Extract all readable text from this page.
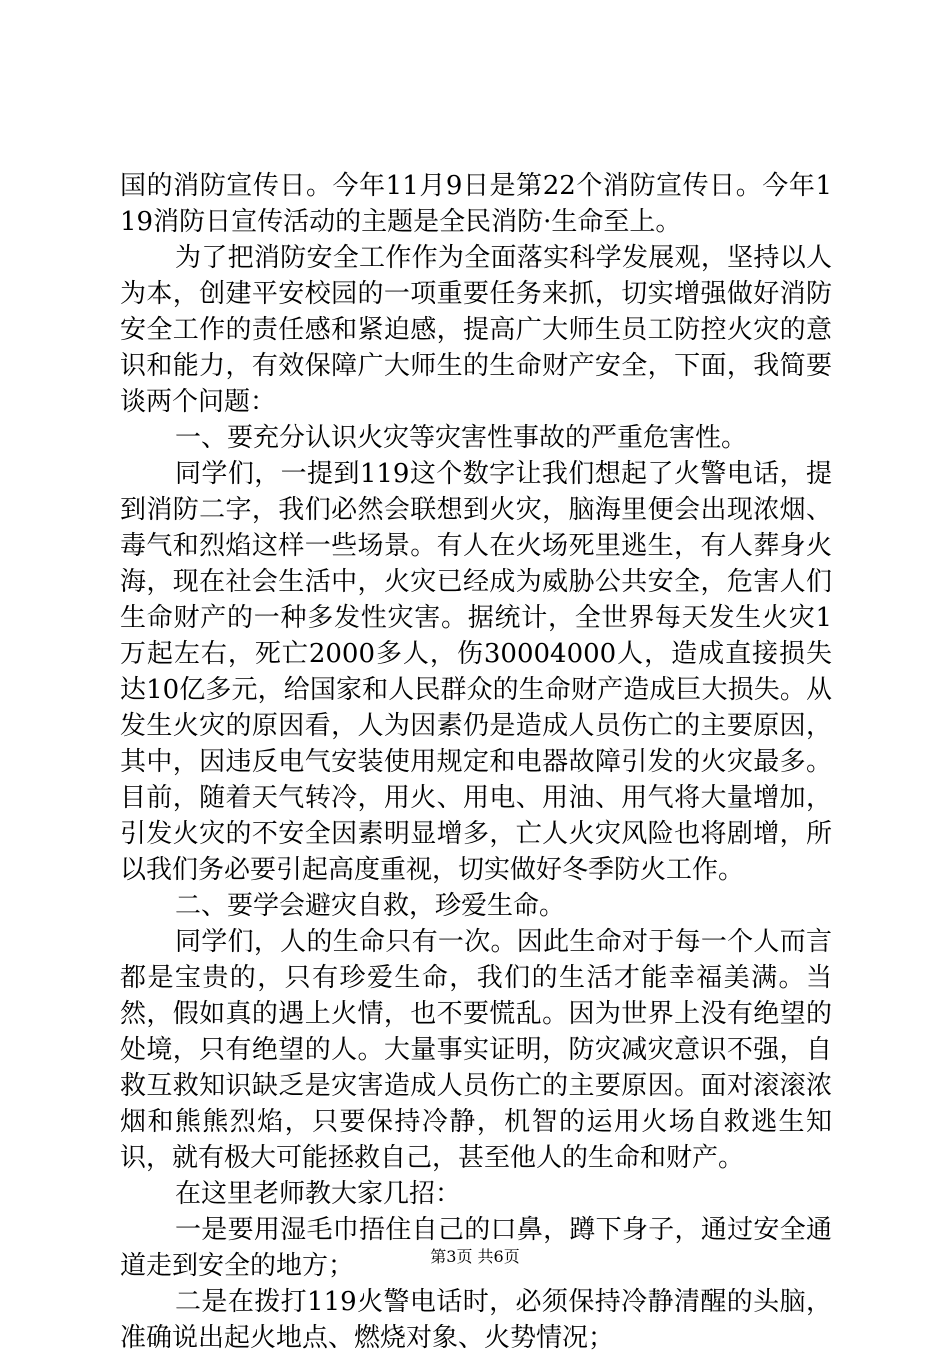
国的消防宣传日。今年11月9日是第22个消防宣传日。今年119消防日宣传活动的主题是全民消防·生命至上。

为了把消防安全工作作为全面落实科学发展观，坚持以人为本，创建平安校园的一项重要任务来抓，切实增强做好消防安全工作的责任感和紧迫感，提高广大师生员工防控火灾的意识和能力，有效保障广大师生的生命财产安全，下面，我简要谈两个问题：

一、要充分认识火灾等灾害性事故的严重危害性。

同学们，一提到119这个数字让我们想起了火警电话，提到消防二字，我们必然会联想到火灾，脑海里便会出现浓烟、毒气和烈焰这样一些场景。有人在火场死里逃生，有人葬身火海，现在社会生活中，火灾已经成为威胁公共安全，危害人们生命财产的一种多发性灾害。据统计，全世界每天发生火灾1万起左右，死亡2000多人，伤30004000人，造成直接损失达10亿多元，给国家和人民群众的生命财产造成巨大损失。从发生火灾的原因看，人为因素仍是造成人员伤亡的主要原因，其中，因违反电气安装使用规定和电器故障引发的火灾最多。目前，随着天气转冷，用火、用电、用油、用气将大量增加，引发火灾的不安全因素明显增多，亡人火灾风险也将剧增，所以我们务必要引起高度重视，切实做好冬季防火工作。

二、要学会避灾自救，珍爱生命。

同学们，人的生命只有一次。因此生命对于每一个人而言都是宝贵的，只有珍爱生命，我们的生活才能幸福美满。当然，假如真的遇上火情，也不要慌乱。因为世界上没有绝望的处境，只有绝望的人。大量事实证明，防灾减灾意识不强，自救互救知识缺乏是灾害造成人员伤亡的主要原因。面对滚滚浓烟和熊熊烈焰，只要保持冷静，机智的运用火场自救逃生知识，就有极大可能拯救自己，甚至他人的生命和财产。

在这里老师教大家几招：

一是要用湿毛巾捂住自己的口鼻，蹲下身子，通过安全通道走到安全的地方；

二是在拨打119火警电话时，必须保持冷静清醒的头脑，准确说出起火地点、燃烧对象、火势情况；

第3页 共6页
